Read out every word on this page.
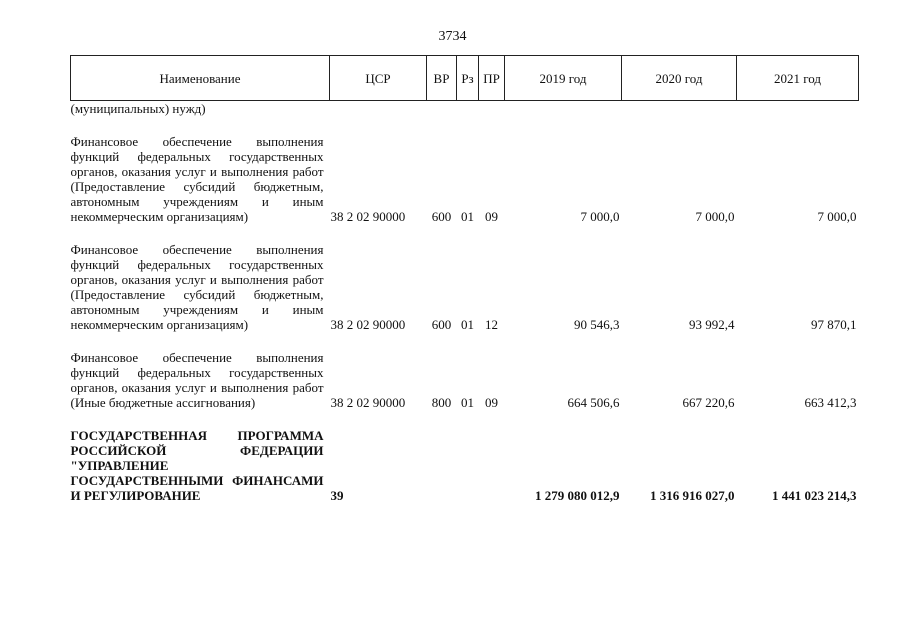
3734
Наименование	ЦСР	ВР	Рз	ПР	2019 год	2020 год	2021 год
(муниципальных) нужд)							

Финансовое обеспечение выполнения функций федеральных государственных органов, оказания услуг и выполнения работ (Предоставление субсидий бюджетным, автономным учреждениям и иным некоммерческим организациям)	38 2 02 90000	600	01	09	7 000,0	7 000,0	7 000,0

Финансовое обеспечение выполнения функций федеральных государственных органов, оказания услуг и выполнения работ (Предоставление субсидий бюджетным, автономным учреждениям и иным некоммерческим организациям)	38 2 02 90000	600	01	12	90 546,3	93 992,4	97 870,1

Финансовое обеспечение выполнения функций федеральных государственных органов, оказания услуг и выполнения работ (Иные бюджетные ассигнования)	38 2 02 90000	800	01	09	664 506,6	667 220,6	663 412,3

ГОСУДАРСТВЕННАЯ ПРОГРАММА РОССИЙСКОЙ ФЕДЕРАЦИИ "УПРАВЛЕНИЕ ГОСУДАРСТВЕННЫМИ ФИНАНСАМИ И РЕГУЛИРОВАНИЕ	39				1 279 080 012,9	1 316 916 027,0	1 441 023 214,3
